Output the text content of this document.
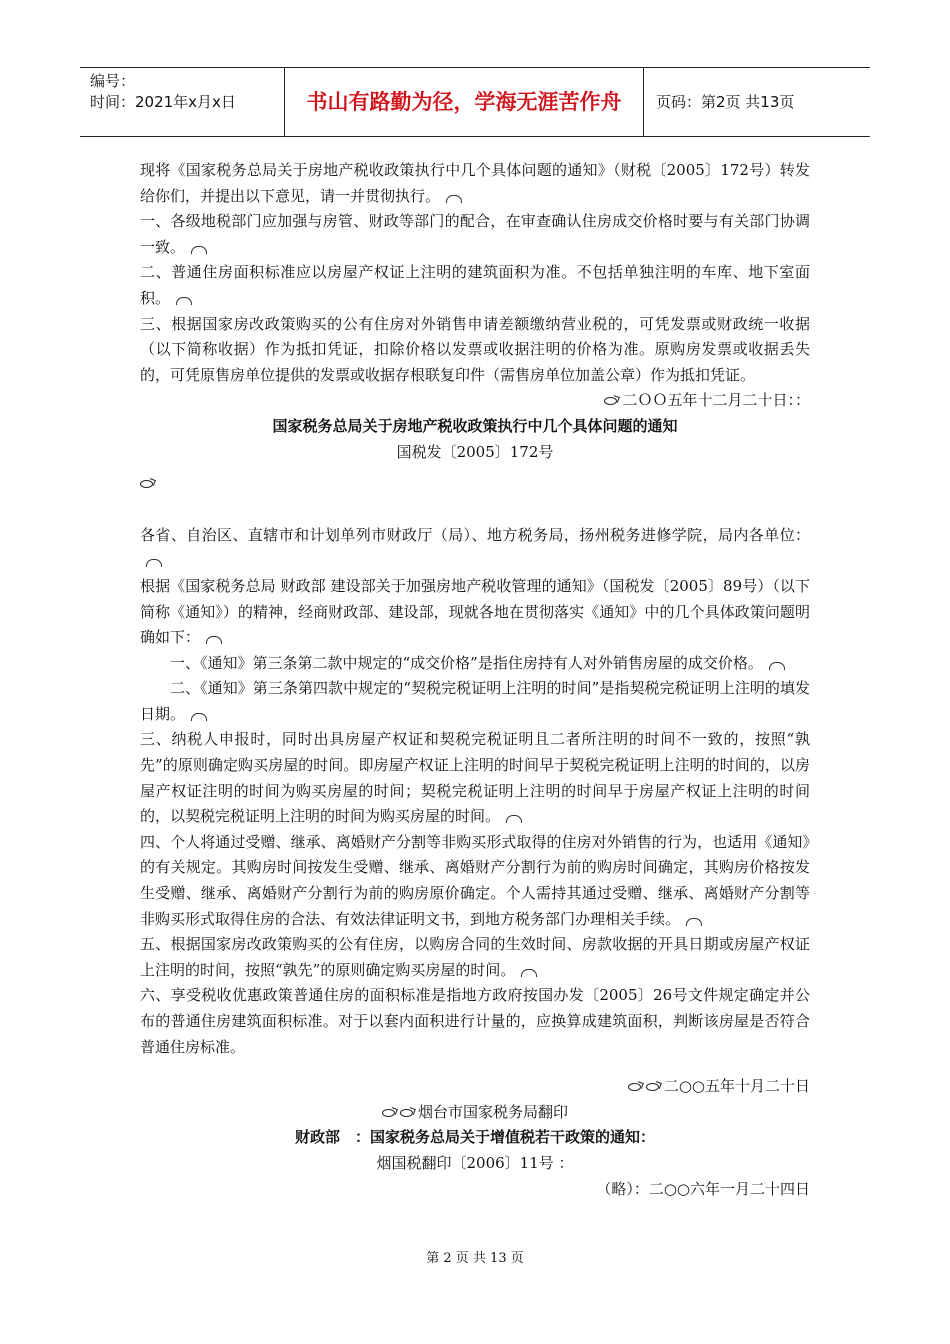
编号：
时间：2021年x月x日	书山有路勤为径，学海无涯苦作舟	页码：第2页 共13页

现将《国家税务总局关于房地产税收政策执行中几个具体问题的通知》（财税〔2005〕172号）转发给你们，并提出以下意见，请一并贯彻执行。

一、各级地税部门应加强与房管、财政等部门的配合，在审查确认住房成交价格时要与有关部门协调一致。

二、普通住房面积标准应以房屋产权证上注明的建筑面积为准。不包括单独注明的车库、地下室面积。

三、根据国家房改政策购买的公有住房对外销售申请差额缴纳营业税的，可凭发票或财政统一收据（以下简称收据）作为抵扣凭证，扣除价格以发票或收据注明的价格为准。原购房发票或收据丢失的，可凭原售房单位提供的发票或收据存根联复印件（需售房单位加盖公章）作为抵扣凭证。

二ＯＯ五年十二月二十日：：

国家税务总局关于房地产税收政策执行中几个具体问题的通知

国税发〔2005〕172号

各省、自治区、直辖市和计划单列市财政厅（局）、地方税务局，扬州税务进修学院，局内各单位：

根据《国家税务总局 财政部 建设部关于加强房地产税收管理的通知》（国税发〔2005〕89号）（以下简称《通知》）的精神，经商财政部、建设部，现就各地在贯彻落实《通知》中的几个具体政策问题明确如下：

一、《通知》第三条第二款中规定的“成交价格”是指住房持有人对外销售房屋的成交价格。

二、《通知》第三条第四款中规定的“契税完税证明上注明的时间”是指契税完税证明上注明的填发日期。

三、纳税人申报时，同时出具房屋产权证和契税完税证明且二者所注明的时间不一致的，按照“孰先”的原则确定购买房屋的时间。即房屋产权证上注明的时间早于契税完税证明上注明的时间的，以房屋产权证注明的时间为购买房屋的时间；契税完税证明上注明的时间早于房屋产权证上注明的时间的，以契税完税证明上注明的时间为购买房屋的时间。

四、个人将通过受赠、继承、离婚财产分割等非购买形式取得的住房对外销售的行为，也适用《通知》的有关规定。其购房时间按发生受赠、继承、离婚财产分割行为前的购房时间确定，其购房价格按发生受赠、继承、离婚财产分割行为前的购房原价确定。个人需持其通过受赠、继承、离婚财产分割等非购买形式取得住房的合法、有效法律证明文书，到地方税务部门办理相关手续。

五、根据国家房改政策购买的公有住房，以购房合同的生效时间、房款收据的开具日期或房屋产权证上注明的时间，按照“孰先”的原则确定购买房屋的时间。

六、享受税收优惠政策普通住房的面积标准是指地方政府按国办发〔2005〕26号文件规定确定并公布的普通住房建筑面积标准。对于以套内面积进行计量的，应换算成建筑面积，判断该房屋是否符合普通住房标准。

二○○五年十月二十日

烟台市国家税务局翻印

财政部　：国家税务总局关于增值税若干政策的通知：

烟国税翻印〔2006〕11号 ：

（略）：二○○六年一月二十四日

第 2 页 共 13 页
